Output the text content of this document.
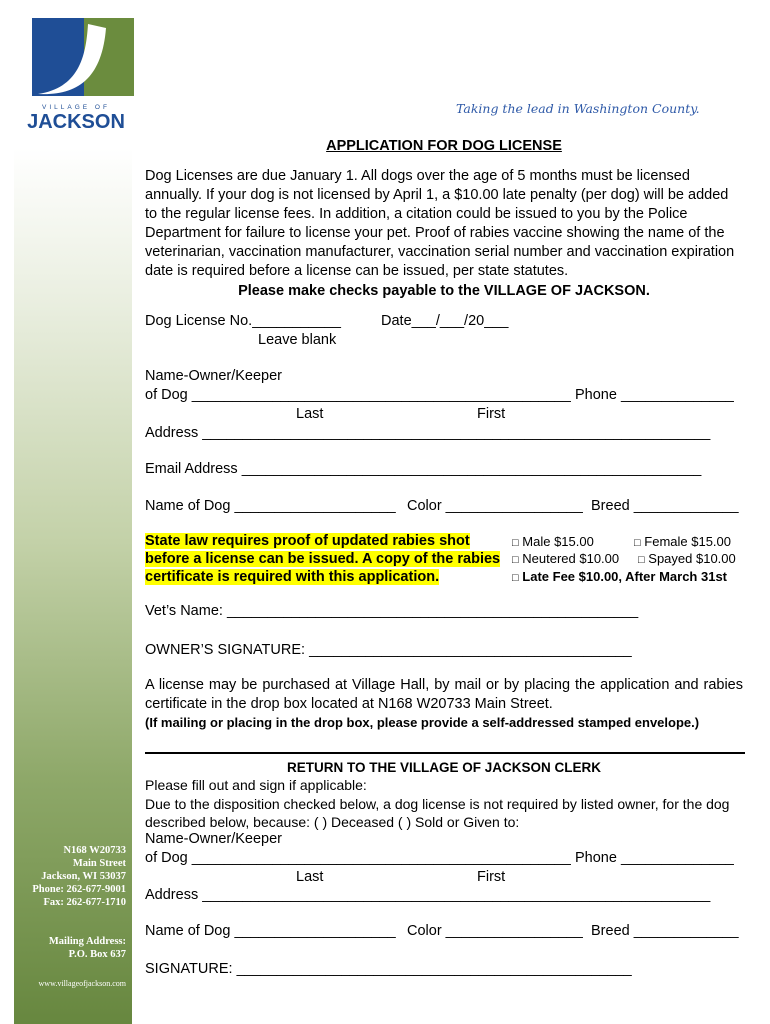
N168 W20733
Main Street
Jackson, WI 53037
Phone: 262-677-9001
Fax: 262-677-1710
Mailing Address:
P.O. Box 637
www.villageofjackson.com
VILLAGE OF
JACKSON
Taking the lead in Washington County.
APPLICATION FOR DOG LICENSE
Dog Licenses are due January 1. All dogs over the age of 5 months must be licensed annually. If your dog is not licensed by April 1, a $10.00 late penalty (per dog) will be added to the regular license fees. In addition, a citation could be issued to you by the Police Department for failure to license your pet. Proof of rabies vaccine showing the name of the veterinarian, vaccination manufacturer, vaccination serial number and vaccination expiration date is required before a license can be issued, per state statutes.
Please make checks payable to the VILLAGE OF JACKSON.
Dog License No.___________	Date___/___/20___
Leave blank
Name-Owner/Keeper
of Dog _______________________________________________ Phone ______________
Last	First
Address _______________________________________________________________
Email Address _________________________________________________________
Name of Dog ____________________ Color _________________ Breed _____________
State law requires proof of updated rabies shot
before a license can be issued. A copy of the rabies
certificate is required with this application.
□ Male $15.00	□ Female $15.00
□ Neutered $10.00 □ Spayed $10.00
□ Late Fee $10.00, After March 31st
Vet’s Name: ___________________________________________________
OWNER’S SIGNATURE: ________________________________________
A license may be purchased at Village Hall, by mail or by placing the application and rabies certificate in the drop box located at N168 W20733 Main Street.
(If mailing or placing in the drop box, please provide a self-addressed stamped envelope.)
RETURN TO THE VILLAGE OF JACKSON CLERK
Please fill out and sign if applicable:
Due to the disposition checked below, a dog license is not required by listed owner, for the dog described below, because: ( ) Deceased ( ) Sold or Given to:
Name-Owner/Keeper
of Dog _______________________________________________ Phone ______________
Last	First
Address _______________________________________________________________
Name of Dog ____________________ Color _________________ Breed _____________
SIGNATURE: _________________________________________________
